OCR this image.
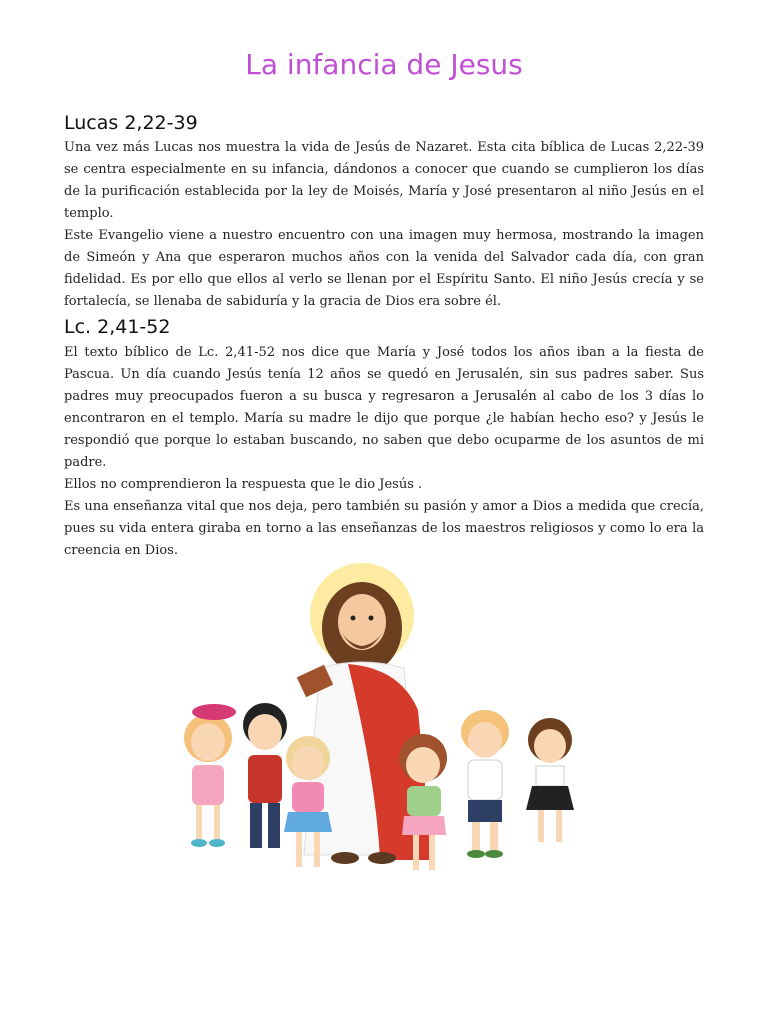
La infancia de Jesus
Lucas 2,22-39

Una vez más Lucas nos muestra la vida de Jesús de Nazaret. Esta cita bíblica de Lucas 2,22-39 se centra especialmente en su infancia, dándonos a conocer que cuando se cumplieron los días de la purificación establecida por la ley de Moisés, María y José presentaron al niño Jesús en el templo.

Este Evangelio viene a nuestro encuentro con una imagen muy hermosa, mostrando la imagen de Simeón y Ana que esperaron muchos años con la venida del Salvador cada día, con gran fidelidad. Es por ello que ellos al verlo se llenan por el Espíritu Santo. El niño Jesús crecía y se fortalecía, se llenaba de sabiduría y la gracia de Dios era sobre él.

Lc. 2,41-52

El texto bíblico de Lc. 2,41-52 nos dice que María y José todos los años iban a la fiesta de Pascua. Un día cuando Jesús tenía 12 años se quedó en Jerusalén, sin sus padres saber. Sus padres muy preocupados fueron a su busca y regresaron a Jerusalén al cabo de los 3 días lo encontraron en el templo. María su madre le dijo que porque ¿le habían hecho eso? y Jesús le respondió que porque lo estaban buscando, no saben que debo ocuparme de los asuntos de mi padre.

Ellos no comprendieron la respuesta que le dio Jesús .

Es una enseñanza vital que nos deja, pero también su pasión y amor a Dios a medida que crecía, pues su vida entera giraba en torno a las enseñanzas de los maestros religiosos y como lo era la creencia en Dios.
